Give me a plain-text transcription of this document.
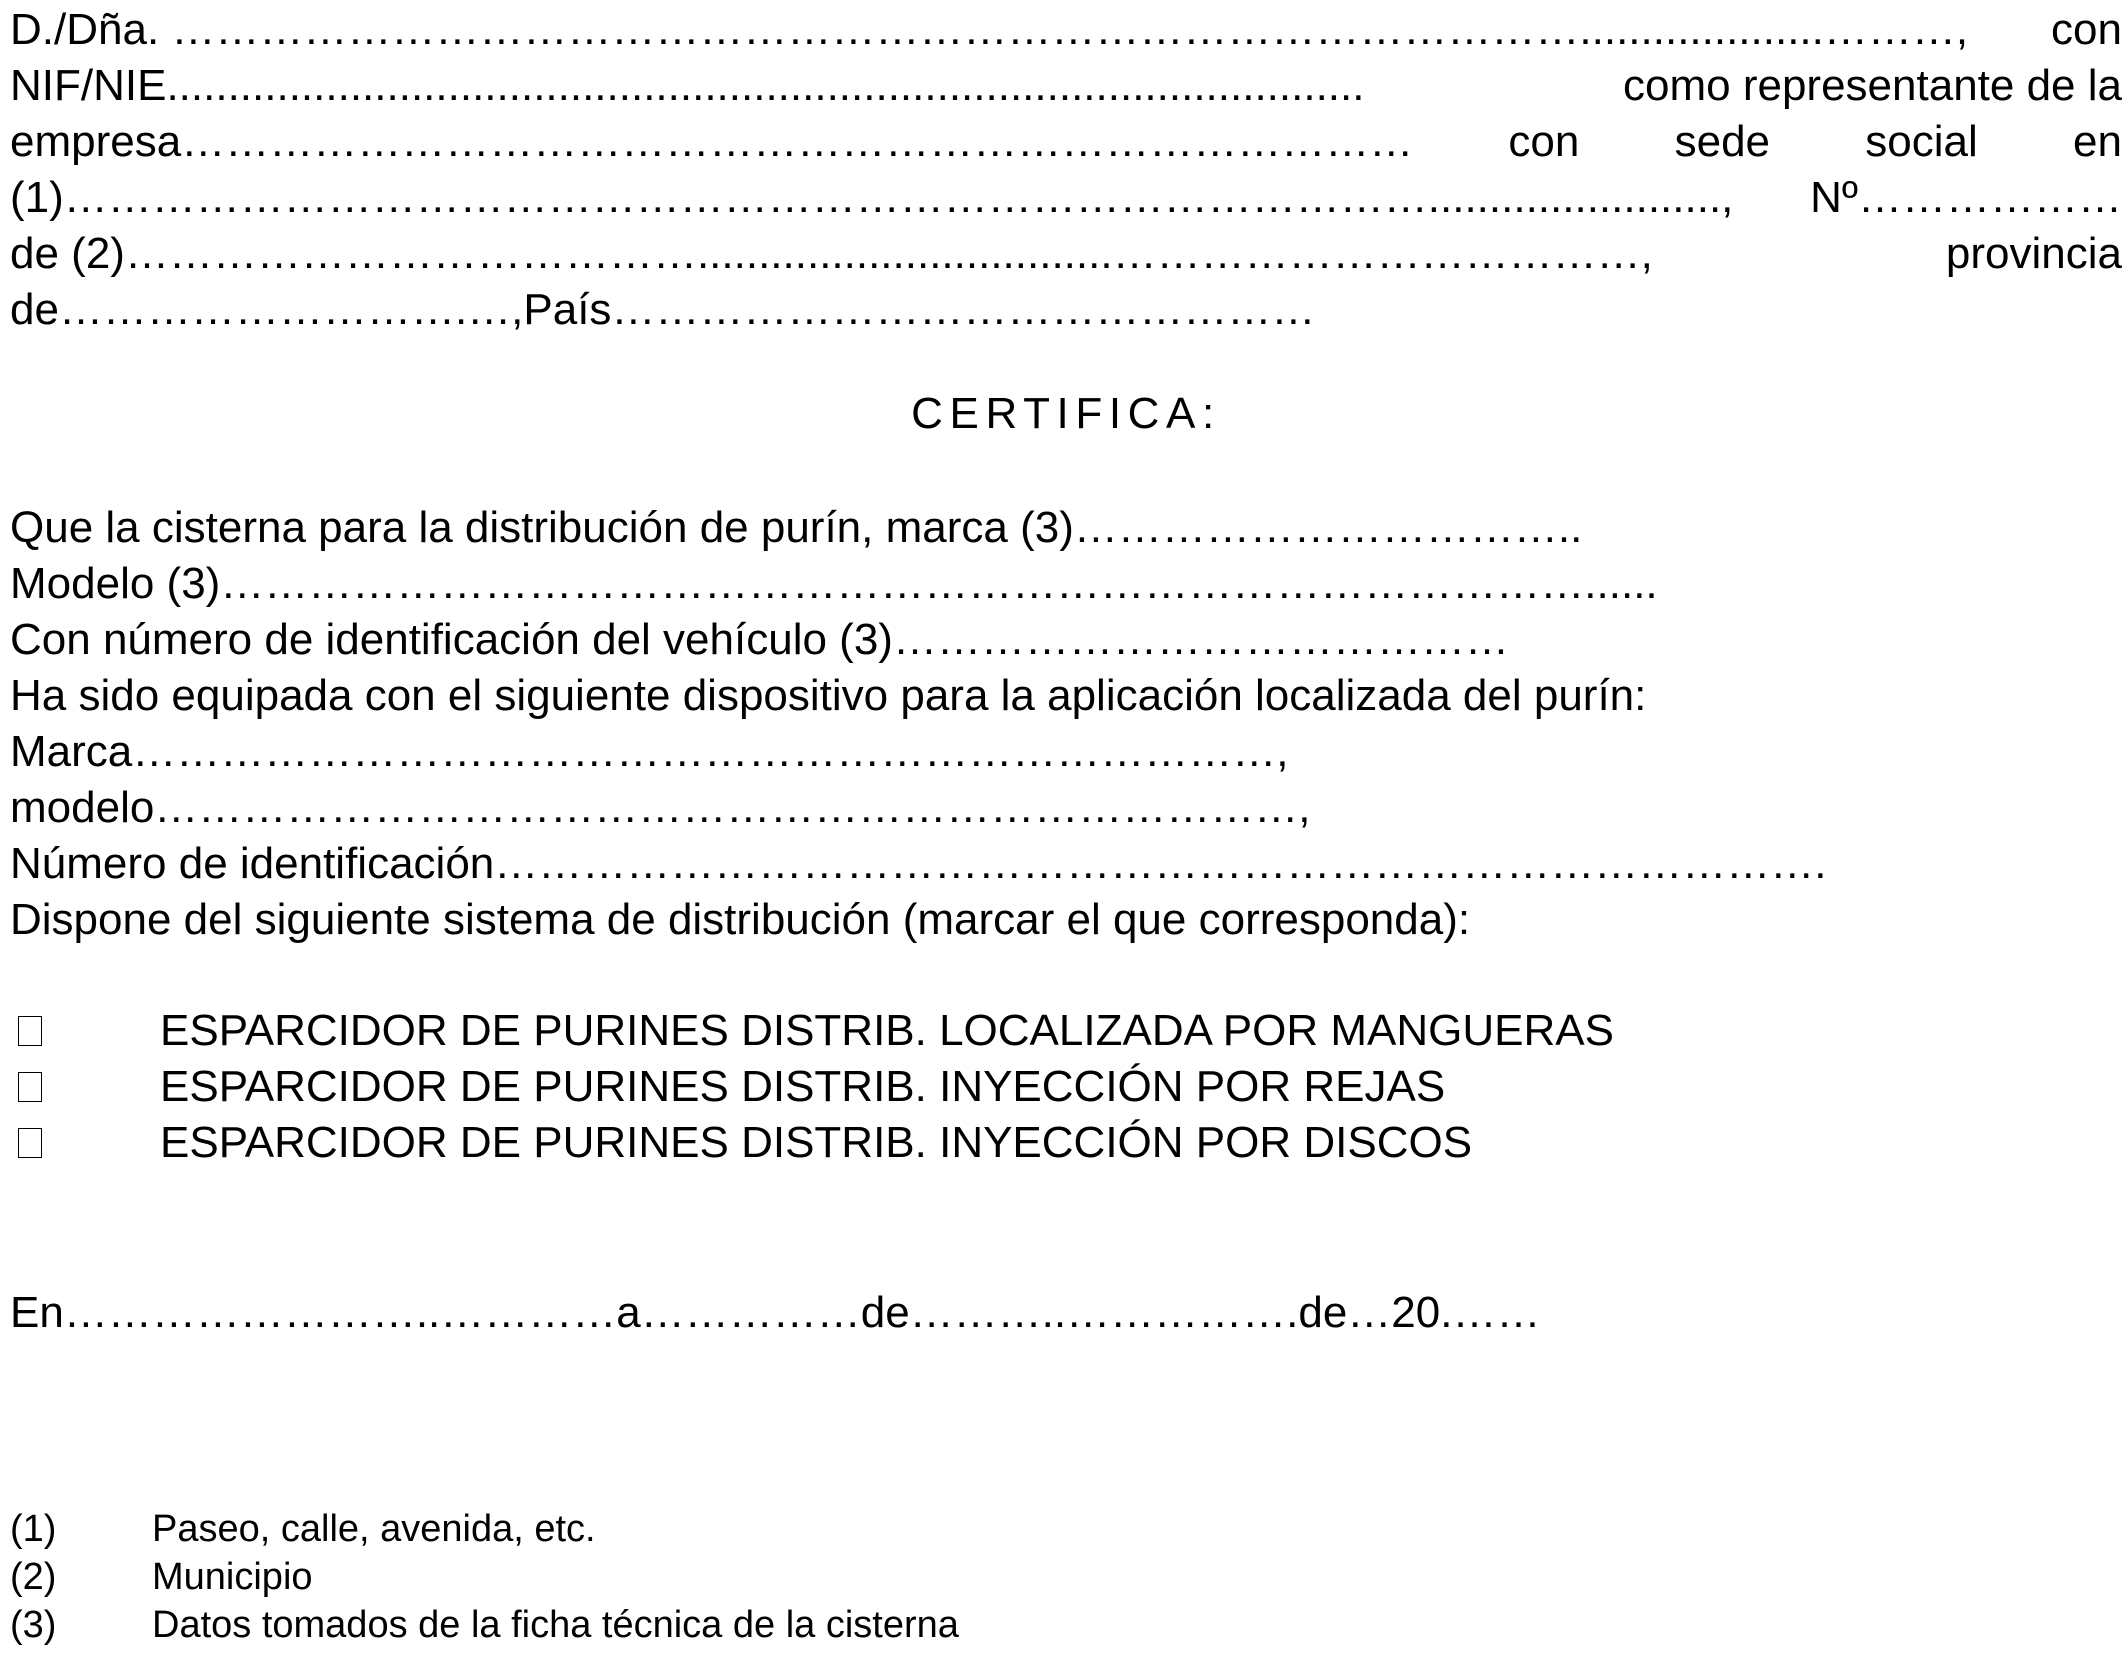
D./Dña. ……………………………………………………………………………………....................………, con
NIF/NIE..................................................................................................	como representante de la
empresa………………………………………………………………………… con sede social en
(1)…………………………………………………………………………………........................, Nº………………
de (2)…………………………………..................................………………………………,	provincia
de……………………….…,País…………………………………………
CERTIFICA:
Que la cisterna para la distribución de purín, marca (3)……………………………..
Modelo (3)…………………………………………………………………………………......
Con número de identificación del vehículo (3)……………………………………
Ha sido equipada con el siguiente dispositivo para la aplicación localizada del purín:
Marca……………………………………………………………………,
modelo……………………………………………………………………,
Número de identificación……………………………………………………………………………….
Dispone del siguiente sistema de distribución (marcar el que corresponda):
ESPARCIDOR DE PURINES DISTRIB. LOCALIZADA POR MANGUERAS
ESPARCIDOR DE PURINES DISTRIB. INYECCIÓN POR REJAS
ESPARCIDOR DE PURINES DISTRIB. INYECCIÓN POR DISCOS
En……………………..…………a……………de………..…………….de…20.……
(1)	Paseo, calle, avenida, etc.
(2)	Municipio
(3)	Datos tomados de la ficha técnica de la cisterna
